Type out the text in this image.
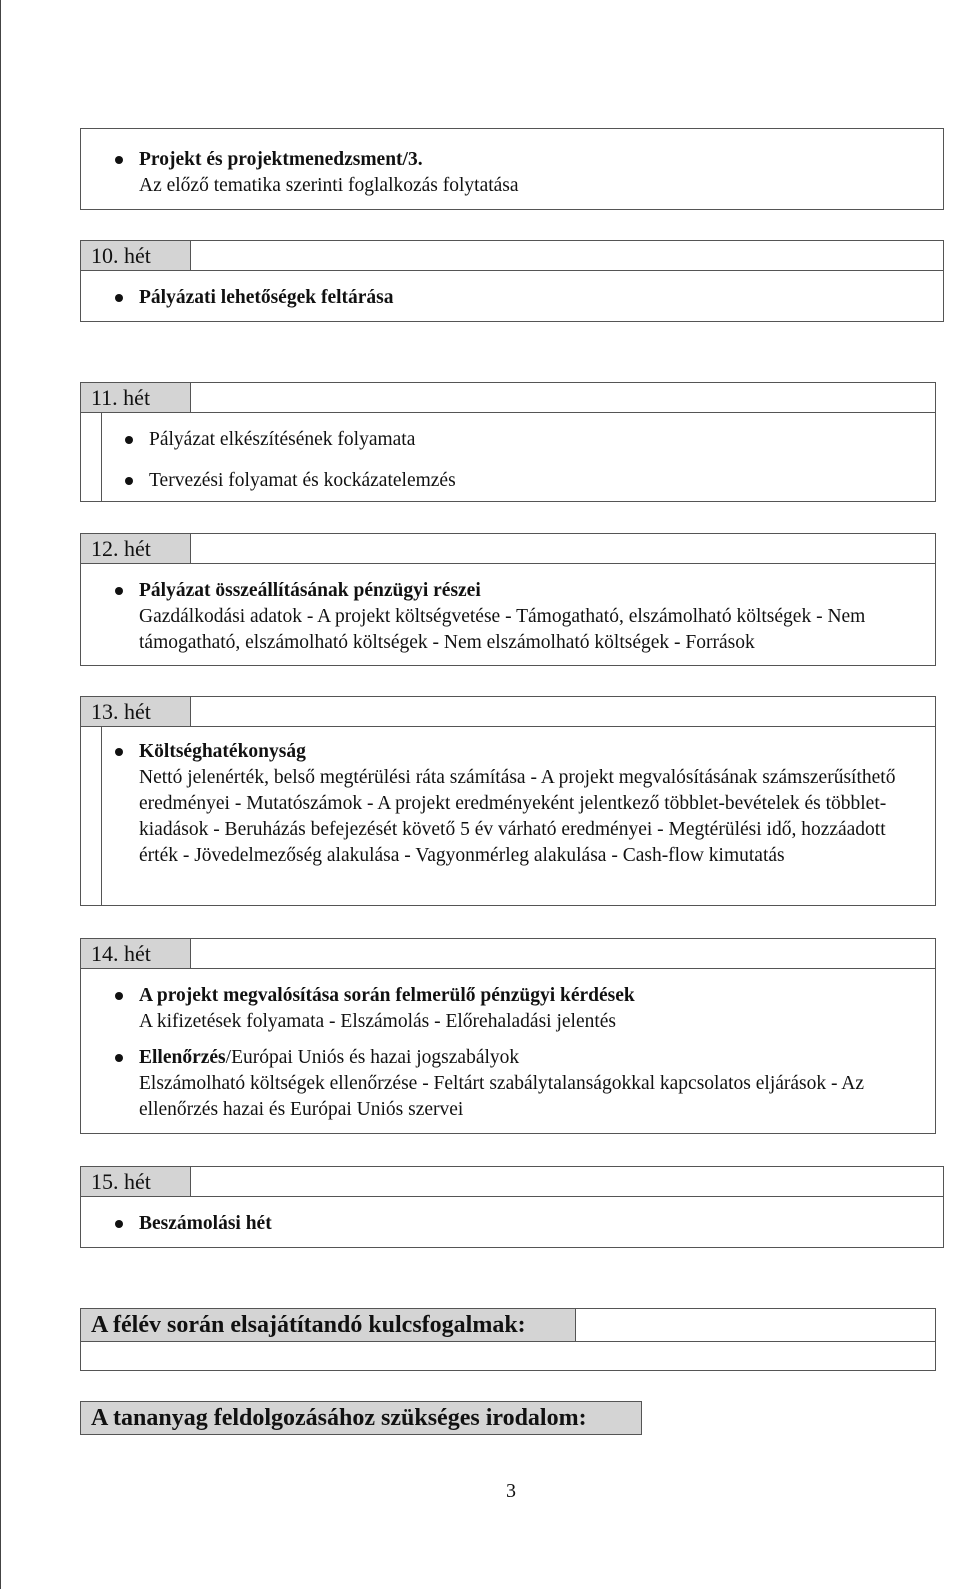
Projekt és projektmenedzsment/3.
Az előző tematika szerinti foglalkozás folytatása
10. hét
Pályázati lehetőségek feltárása
11. hét
Pályázat elkészítésének folyamata
Tervezési folyamat és kockázatelemzés
12. hét
Pályázat összeállításának pénzügyi részei
Gazdálkodási adatok - A projekt költségvetése - Támogatható, elszámolható költségek - Nem támogatható, elszámolható költségek - Nem elszámolható költségek - Források
13. hét
Költséghatékonyság
Nettó jelenérték, belső megtérülési ráta számítása - A projekt megvalósításának számszerűsíthető eredményei - Mutatószámok - A projekt eredményeként jelentkező többlet-bevételek és többlet-kiadások - Beruházás befejezését követő 5 év várható eredményei - Megtérülési idő, hozzáadott érték - Jövedelmezőség alakulása - Vagyonmérleg alakulása - Cash-flow kimutatás
14. hét
A projekt megvalósítása során felmerülő pénzügyi kérdések
A kifizetések folyamata - Elszámolás - Előrehaladási jelentés
Ellenőrzés/Európai Uniós és hazai jogszabályok
Elszámolható költségek ellenőrzése - Feltárt szabálytalanságokkal kapcsolatos eljárások - Az ellenőrzés hazai és Európai Uniós szervei
15. hét
Beszámolási hét
A félév során elsajátítandó kulcsfogalmak:
A tananyag feldolgozásához szükséges irodalom:
3
